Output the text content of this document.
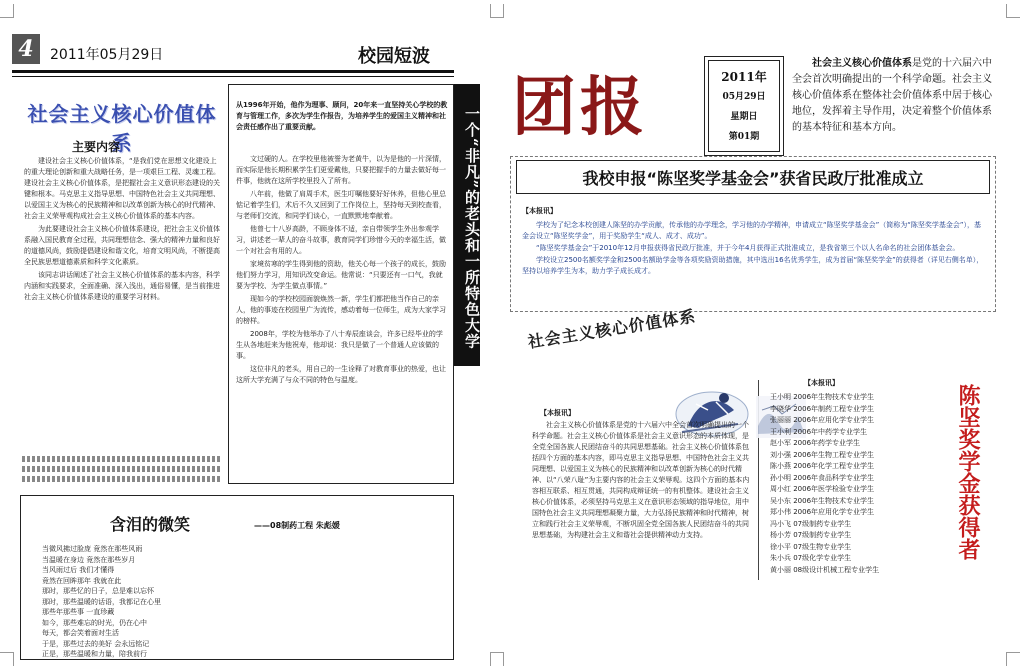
4	2011年05月29日	校园短波
社会主义核心价值体系
主要内容

建设社会主义核心价值体系，“是我们党在思想文化建设上的重大理论创新和重大战略任务，是一项艰巨工程、灵魂工程。建设社会主义核心价值体系，是把握社会主义意识形态建设的关键和根本。马克思主义指导思想、中国特色社会主义共同理想、以爱国主义为核心的民族精神和以改革创新为核心的时代精神、社会主义荣辱观构成社会主义核心价值体系的基本内容。

为此要建设社会主义核心价值体系建设，把社会主义价值体系融入国民教育全过程，共同理想信念、强大的精神力量和良好的道德风尚，鼓励提倡建设和谐文化，培育文明风尚，不断提高全民族思想道德素质和科学文化素质。

该同志讲话阐述了社会主义核心价值体系的基本内容，科学内涵和实践要求，全面准确、深入浅出，通俗易懂，是当前推进社会主义核心价值体系建设的重要学习材料。

从1996年开始，他作为理事、顾问，20年来一直坚持关心学校的教育与管理工作，多次为学生作报告，为培养学生的爱国主义精神和社会责任感作出了重要贡献。

文过硬的人。在学校里他被誉为老黄牛，以为是他的一片深情，而实际是他长期积累学生们更爱戴他，只要把握手的力量去做好每一件事，他就在这所学校里投入了所有。

八年前，他做了肩周手术，医生叮嘱他要好好休养，但他心里总惦记着学生们，术后不久又回到了工作岗位上，坚持每天到校查看，与老师们交流，和同学们谈心，一直默默地奉献着。

他曾七十八岁高龄，不顾身体不适，亲自带领学生外出参观学习，讲述老一辈人的奋斗故事，教育同学们珍惜今天的幸福生活，做一个对社会有用的人。

家境贫寒的学生得到他的资助，他关心每一个孩子的成长，鼓励他们努力学习，用知识改变命运。他常说：“只要还有一口气，我就要为学校、为学生做点事情。”

现如今的学校校园面貌焕然一新，学生们都把他当作自己的亲人，他的事迹在校园里广为流传，感动着每一位师生，成为大家学习的榜样。

2008年，学校为他举办了八十寿辰座谈会，许多已经毕业的学生从各地赶来为他祝寿，他却说：我只是做了一个普通人应该做的事。

这位非凡的老头，用自己的一生诠释了对教育事业的热爱，也让这所大学充满了与众不同的特色与温度。

一个“非凡”的老头和一所特色大学
含泪的微笑	——08制药工程 朱彪媛
当微风拂过脸庞 竟然在那些风雨
当温暖在身边 竟然在那些岁月
当风雨过后 我们才懂得
竟然在回眸那年 我就在此
那时，那些忆的日子，总是难以忘怀
那时，那些温暖的话语，我都记在心里
那些年那些事 一直珍藏
如今，那些难忘的时光，仍在心中
每天，都会笑着面对生活
于是，那些过去的美好 会永远铭记
正是，那些温暖和力量，陪我前行
团报	2011年
05月29日
星期日
第01期
社会主义核心价值体系是党的十六届六中全会首次明确提出的一个科学命题。社会主义核心价值体系在整体社会价值体系中居于核心地位，发挥着主导作用，决定着整个价值体系的基本特征和基本方向。
我校申报“陈坚奖学基金会”获省民政厅批准成立
【本报讯】

学校为了纪念本校创建人陈坚的办学贡献，传承他的办学理念，学习他的办学精神，申请成立“陈坚奖学基金会”（简称为“陈坚奖学基金会”），基金会设立“陈坚奖学金”，用于奖励学生“成人、成才、成功”。

“陈坚奖学基金会”于2010年12月申报获得省民政厅批准，并于今年4月获得正式批准成立，是我省第三个以人名命名的社会团体基金会。

学校设立2500名额奖学金和2500名额助学金等各项奖励资助措施，其中选出16名优秀学生，成为首届“陈坚奖学金”的获得者（详见右侧名单），坚持以培养学生为本，助力学子成长成才。

社会主义核心价值体系
【本报讯】

社会主义核心价值体系是党的十六届六中全会首次明确提出的一个科学命题。社会主义核心价值体系是社会主义意识形态的本质体现，是全党全国各族人民团结奋斗的共同思想基础。社会主义核心价值体系包括四个方面的基本内容，即马克思主义指导思想、中国特色社会主义共同理想、以爱国主义为核心的民族精神和以改革创新为核心的时代精神、以“八荣八耻”为主要内容的社会主义荣辱观。这四个方面的基本内容相互联系、相互贯通，共同构成辩证统一的有机整体。建设社会主义核心价值体系，必须坚持马克思主义在意识形态领域的指导地位，用中国特色社会主义共同理想凝聚力量，大力弘扬民族精神和时代精神，树立和践行社会主义荣辱观，不断巩固全党全国各族人民团结奋斗的共同思想基础，为构建社会主义和谐社会提供精神动力支持。

【本报讯】
王小明 2006年生物技术专业学生
李晓华 2006年制药工程专业学生
张丽丽 2006年应用化学专业学生
王小利 2006年中药学专业学生
赵小军 2006年药学专业学生
刘小强 2006年生物工程专业学生
陈小燕 2006年化学工程专业学生
孙小明 2006年食品科学专业学生
周小红 2006年医学检验专业学生
吴小东 2006年生物技术专业学生
郑小伟 2006年应用化学专业学生
冯小飞 07级制药专业学生
杨小芳 07级制药专业学生
徐小平 07级生物专业学生
朱小兵 07级化学专业学生
黄小丽 08级设计机械工程专业学生
陈坚奖学金获得者
